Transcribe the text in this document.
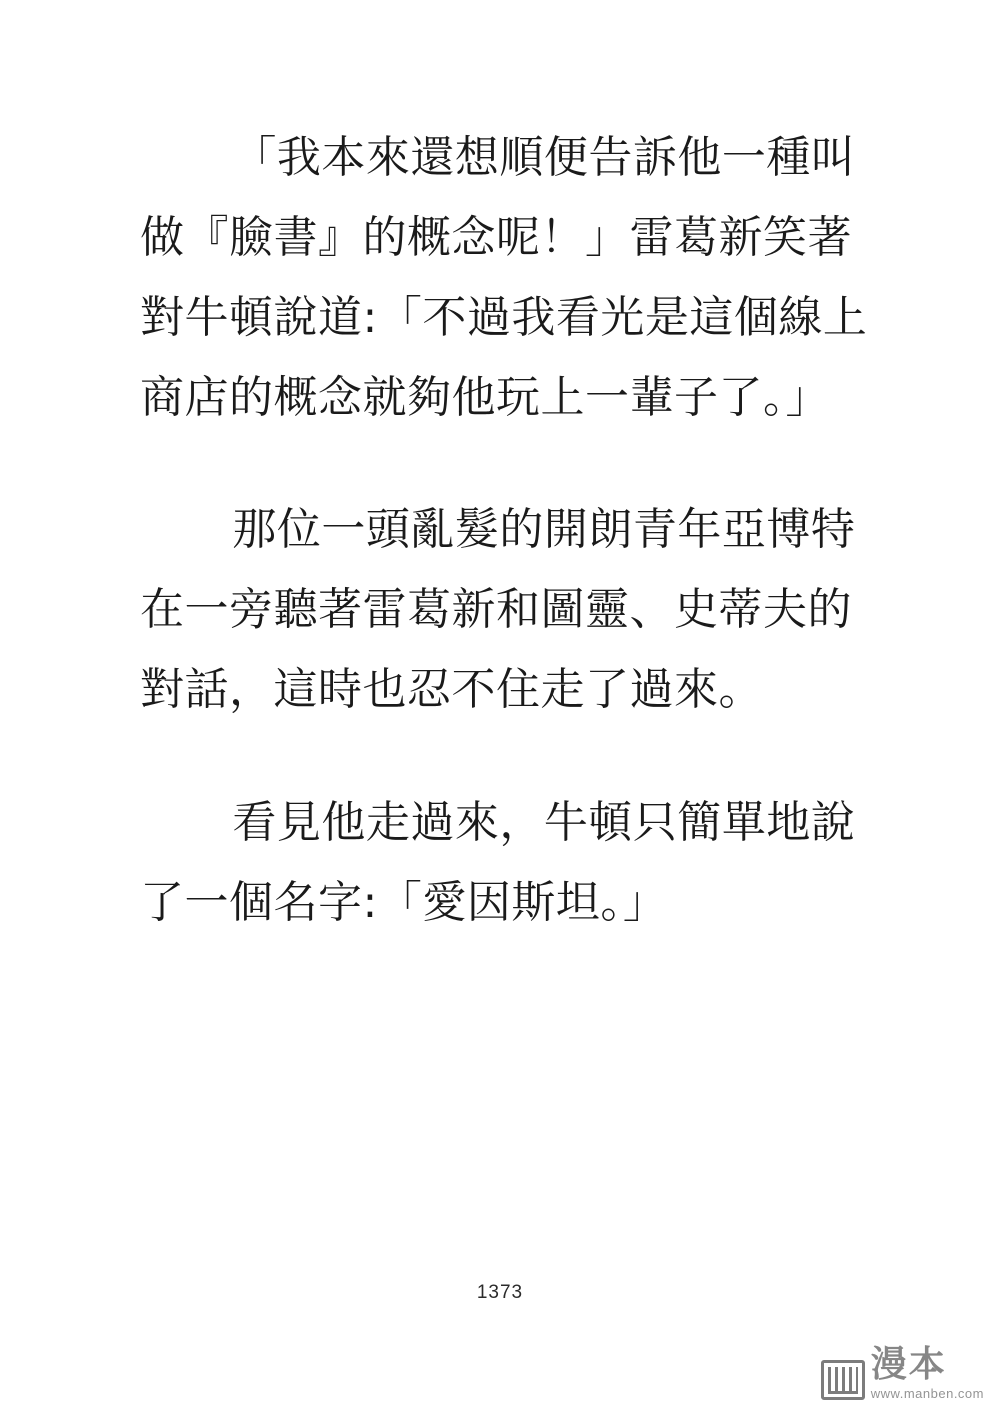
「我本來還想順便告訴他一種叫做『臉書』的概念呢！」雷葛新笑著對牛頓說道:「不過我看光是這個線上商店的概念就夠他玩上一輩子了。」

那位一頭亂髮的開朗青年亞博特在一旁聽著雷葛新和圖靈、史蒂夫的對話，這時也忍不住走了過來。

看見他走過來，牛頓只簡單地說了一個名字:「愛因斯坦。」

1373
漫本
www.manben.com
